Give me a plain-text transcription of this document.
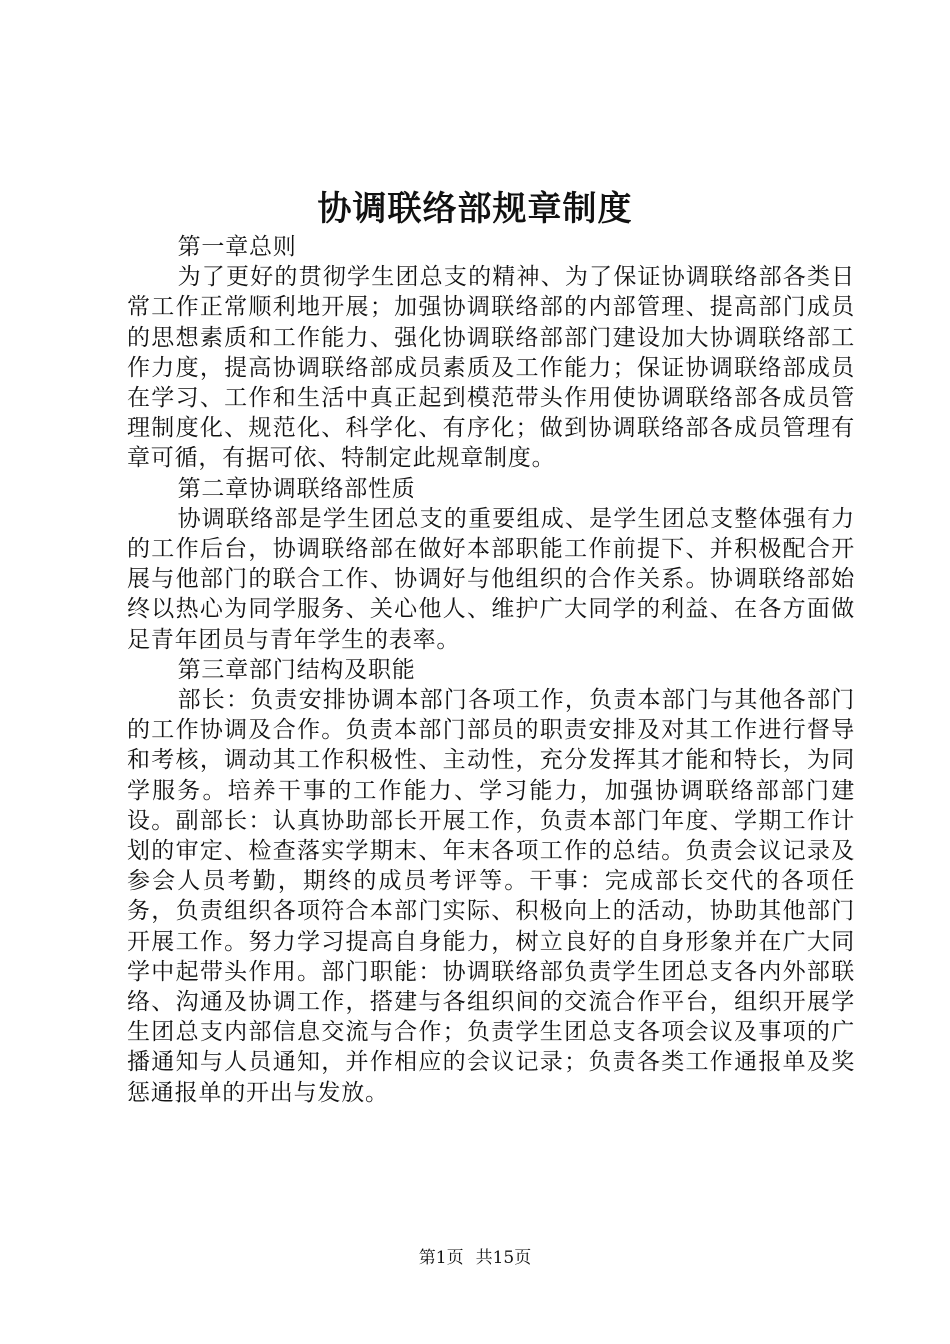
协调联络部规章制度

第一章总则

为了更好的贯彻学生团总支的精神、为了保证协调联络部各类日常工作正常顺利地开展；加强协调联络部的内部管理、提高部门成员的思想素质和工作能力、强化协调联络部部门建设加大协调联络部工作力度，提高协调联络部成员素质及工作能力；保证协调联络部成员在学习、工作和生活中真正起到模范带头作用使协调联络部各成员管理制度化、规范化、科学化、有序化；做到协调联络部各成员管理有章可循，有据可依、特制定此规章制度。

第二章协调联络部性质

协调联络部是学生团总支的重要组成、是学生团总支整体强有力的工作后台，协调联络部在做好本部职能工作前提下、并积极配合开展与他部门的联合工作、协调好与他组织的合作关系。协调联络部始终以热心为同学服务、关心他人、维护广大同学的利益、在各方面做足青年团员与青年学生的表率。

第三章部门结构及职能

部长：负责安排协调本部门各项工作，负责本部门与其他各部门的工作协调及合作。负责本部门部员的职责安排及对其工作进行督导和考核，调动其工作积极性、主动性，充分发挥其才能和特长，为同学服务。培养干事的工作能力、学习能力，加强协调联络部部门建设。副部长：认真协助部长开展工作，负责本部门年度、学期工作计划的审定、检查落实学期末、年末各项工作的总结。负责会议记录及参会人员考勤，期终的成员考评等。干事：完成部长交代的各项任务，负责组织各项符合本部门实际、积极向上的活动，协助其他部门开展工作。努力学习提高自身能力，树立良好的自身形象并在广大同学中起带头作用。部门职能：协调联络部负责学生团总支各内外部联络、沟通及协调工作，搭建与各组织间的交流合作平台，组织开展学生团总支内部信息交流与合作；负责学生团总支各项会议及事项的广播通知与人员通知，并作相应的会议记录；负责各类工作通报单及奖惩通报单的开出与发放。

第1页 共15页
